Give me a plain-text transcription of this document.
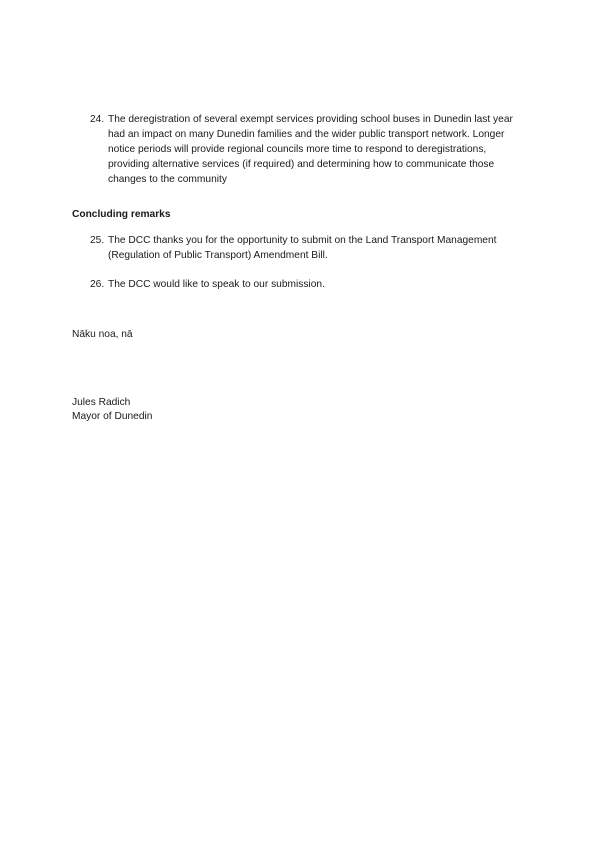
24. The deregistration of several exempt services providing school buses in Dunedin last year had an impact on many Dunedin families and the wider public transport network. Longer notice periods will provide regional councils more time to respond to deregistrations, providing alternative services (if required) and determining how to communicate those changes to the community
Concluding remarks
25. The DCC thanks you for the opportunity to submit on the Land Transport Management (Regulation of Public Transport) Amendment Bill.
26. The DCC would like to speak to our submission.
Nāku noa, nā
Jules Radich
Mayor of Dunedin
